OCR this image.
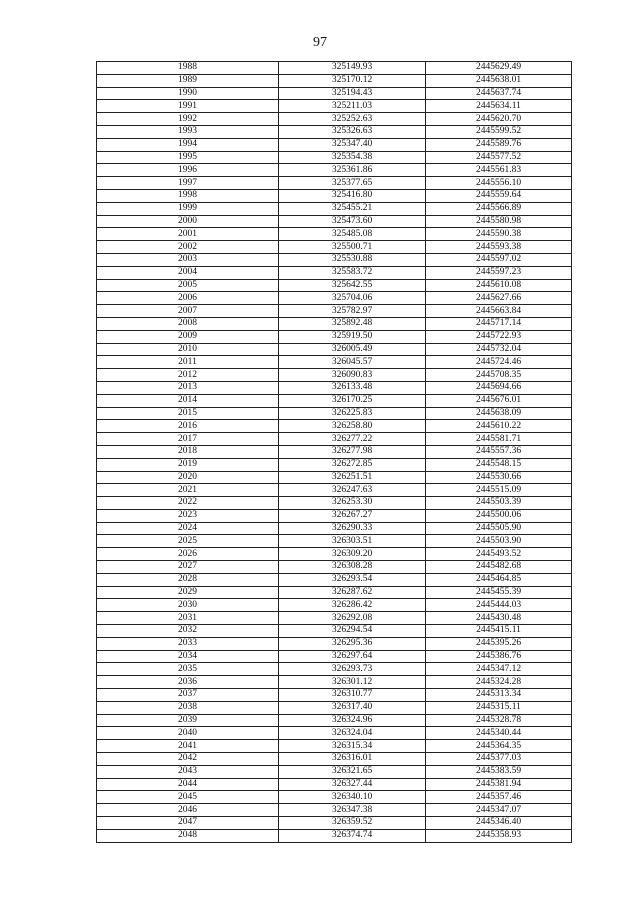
97
1988	325149.93	2445629.49
1989	325170.12	2445638.01
1990	325194.43	2445637.74
1991	325211.03	2445634.11
1992	325252.63	2445620.70
1993	325326.63	2445599.52
1994	325347.40	2445589.76
1995	325354.38	2445577.52
1996	325361.86	2445561.83
1997	325377.65	2445556.10
1998	325416.80	2445559.64
1999	325455.21	2445566.89
2000	325473.60	2445580.98
2001	325485.08	2445590.38
2002	325500.71	2445593.38
2003	325530.88	2445597.02
2004	325583.72	2445597.23
2005	325642.55	2445610.08
2006	325704.06	2445627.66
2007	325782.97	2445663.84
2008	325892.48	2445717.14
2009	325919.50	2445722.93
2010	326005.49	2445732.04
2011	326045.57	2445724.46
2012	326090.83	2445708.35
2013	326133.48	2445694.66
2014	326170.25	2445676.01
2015	326225.83	2445638.09
2016	326258.80	2445610.22
2017	326277.22	2445581.71
2018	326277.98	2445557.36
2019	326272.85	2445548.15
2020	326251.51	2445530.66
2021	326247.63	2445515.09
2022	326253.30	2445503.39
2023	326267.27	2445500.06
2024	326290.33	2445505.90
2025	326303.51	2445503.90
2026	326309.20	2445493.52
2027	326308.28	2445482.68
2028	326293.54	2445464.85
2029	326287.62	2445455.39
2030	326286.42	2445444.03
2031	326292.08	2445430.48
2032	326294.54	2445415.11
2033	326295.36	2445395.26
2034	326297.64	2445386.76
2035	326293.73	2445347.12
2036	326301.12	2445324.28
2037	326310.77	2445313.34
2038	326317.40	2445315.11
2039	326324.96	2445328.78
2040	326324.04	2445340.44
2041	326315.34	2445364.35
2042	326316.01	2445377.03
2043	326321.65	2445383.59
2044	326327.44	2445381.94
2045	326340.10	2445357.46
2046	326347.38	2445347.07
2047	326359.52	2445346.40
2048	326374.74	2445358.93
